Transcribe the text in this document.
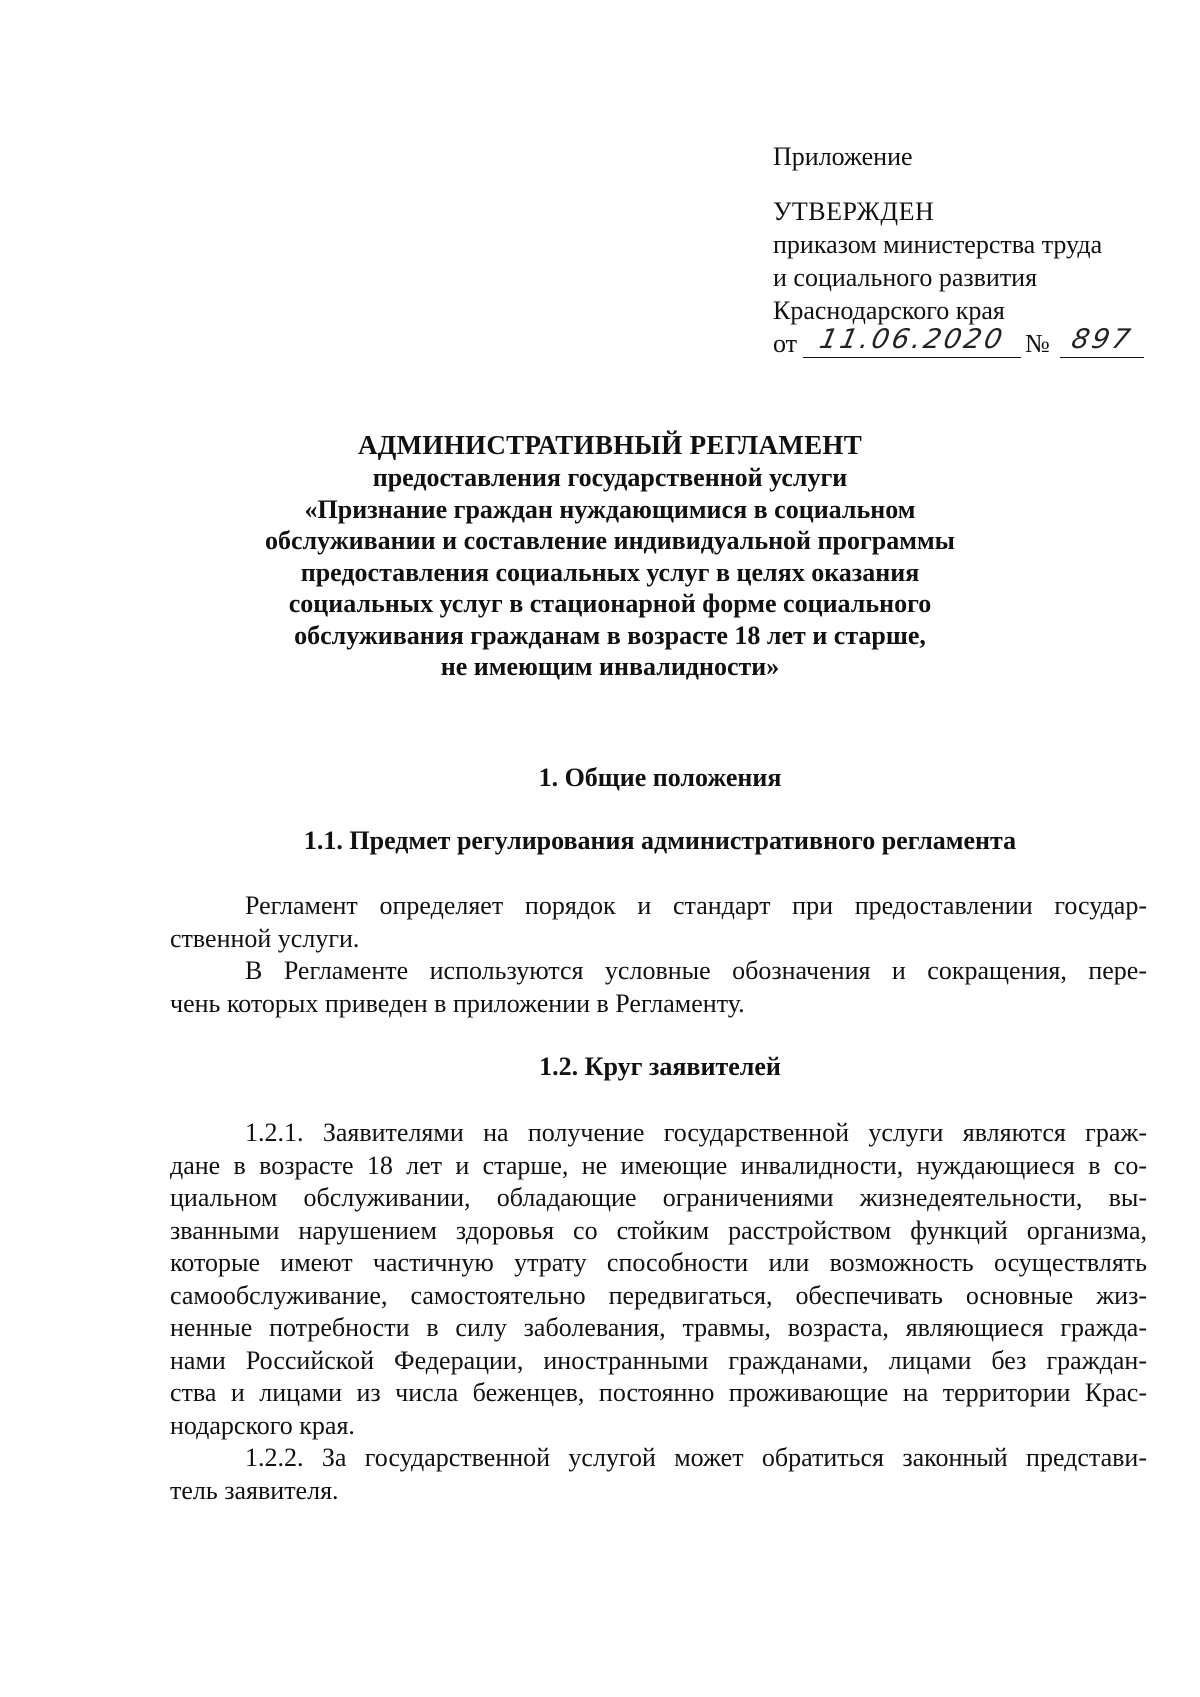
Приложение

УТВЕРЖДЕН

приказом министерства труда

и социального развития

Краснодарского края

от 11.06.2020 № 897

АДМИНИСТРАТИВНЫЙ РЕГЛАМЕНТ

предоставления государственной услуги

«Признание граждан нуждающимися в социальном

обслуживании и составление индивидуальной программы

предоставления социальных услуг в целях оказания

социальных услуг в стационарной форме социального

обслуживания гражданам в возрасте 18 лет и старше,

не имеющим инвалидности»

1. Общие положения

1.1. Предмет регулирования административного регламента

Регламент определяет порядок и стандарт при предоставлении государ-
ственной услуги.

В Регламенте используются условные обозначения и сокращения, пере-
чень которых приведен в приложении в Регламенту.

1.2. Круг заявителей

1.2.1. Заявителями на получение государственной услуги являются граж-
дане в возрасте 18 лет и старше, не имеющие инвалидности, нуждающиеся в со-
циальном обслуживании, обладающие ограничениями жизнедеятельности, вы-
званными нарушением здоровья со стойким расстройством функций организма,
которые имеют частичную утрату способности или возможность осуществлять
самообслуживание, самостоятельно передвигаться, обеспечивать основные жиз-
ненные потребности в силу заболевания, травмы, возраста, являющиеся гражда-
нами Российской Федерации, иностранными гражданами, лицами без граждан-
ства и лицами из числа беженцев, постоянно проживающие на территории Крас-
нодарского края.

1.2.2. За государственной услугой может обратиться законный представи-
тель заявителя.
